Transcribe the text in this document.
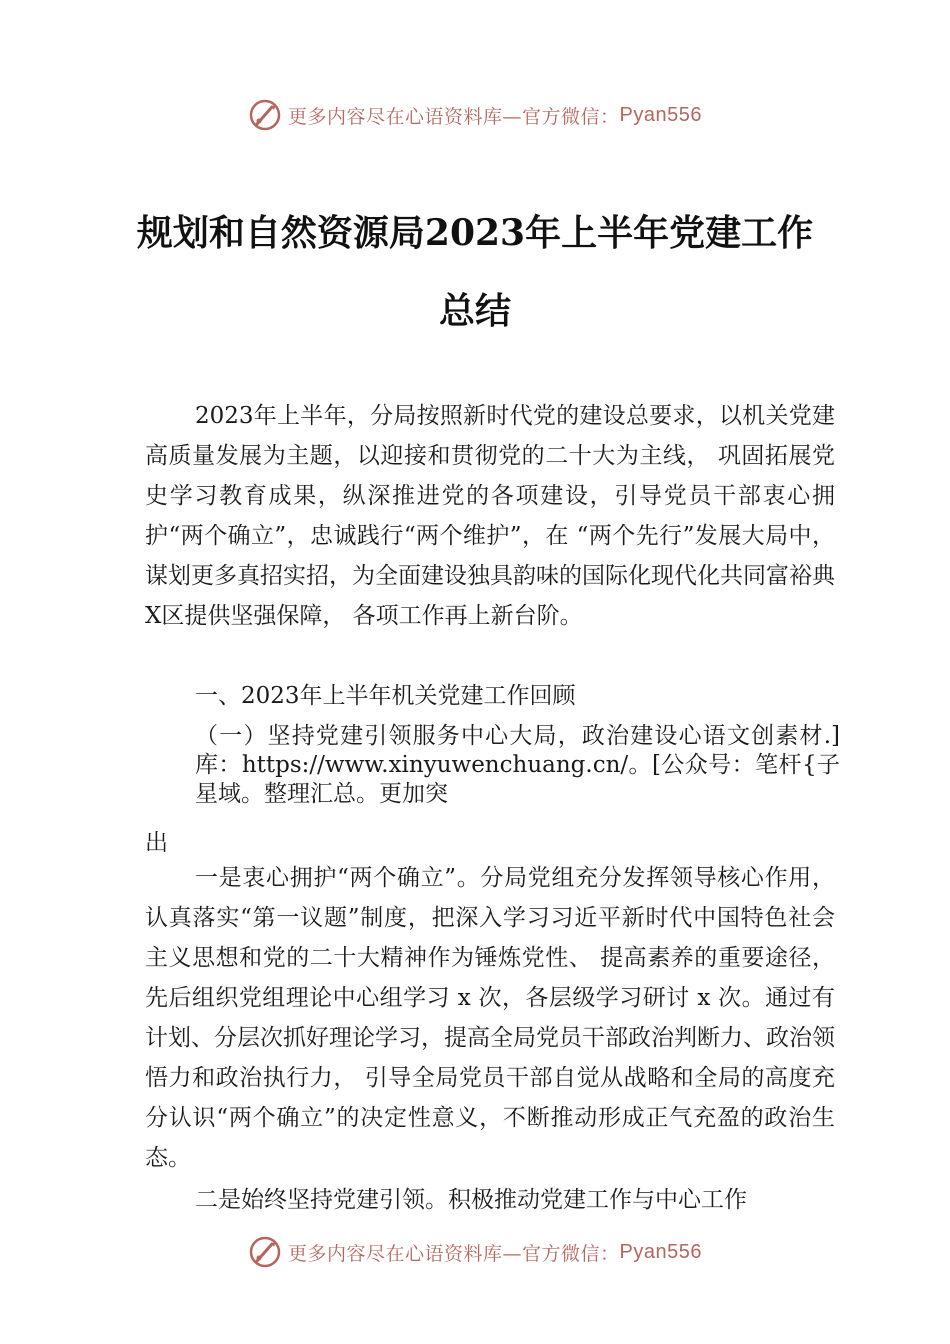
更多内容尽在心语资料库—官方微信： Pyan556
规划和自然资源局2023年上半年党建工作
总结

2023年上半年，分局按照新时代党的建设总要求，以机关党建高质量发展为主题，以迎接和贯彻党的二十大为主线， 巩固拓展党史学习教育成果，纵深推进党的各项建设，引导党员干部衷心拥护“两个确立”，忠诚践行“两个维护”，在 “两个先行”发展大局中，谋划更多真招实招，为全面建设独具韵味的国际化现代化共同富裕典X区提供坚强保障， 各项工作再上新台阶。

一、2023年上半年机关党建工作回顾

（一）坚持党建引领服务中心大局，政治建设心语文创素材.]库：https://www.xinyuwenchuang.cn/。[公众号：笔杆{子星域。整理汇总。更加突

出

一是衷心拥护“两个确立”。分局党组充分发挥领导核心作用，认真落实“第一议题”制度，把深入学习习近平新时代中国特色社会主义思想和党的二十大精神作为锤炼党性、 提高素养的重要途径，先后组织党组理论中心组学习 x 次，各层级学习研讨 x 次。通过有计划、分层次抓好理论学习，提高全局党员干部政治判断力、政治领悟力和政治执行力， 引导全局党员干部自觉从战略和全局的高度充分认识“两个确立”的决定性意义，不断推动形成正气充盈的政治生态。

二是始终坚持党建引领。积极推动党建工作与中心工作

更多内容尽在心语资料库—官方微信： Pyan556
